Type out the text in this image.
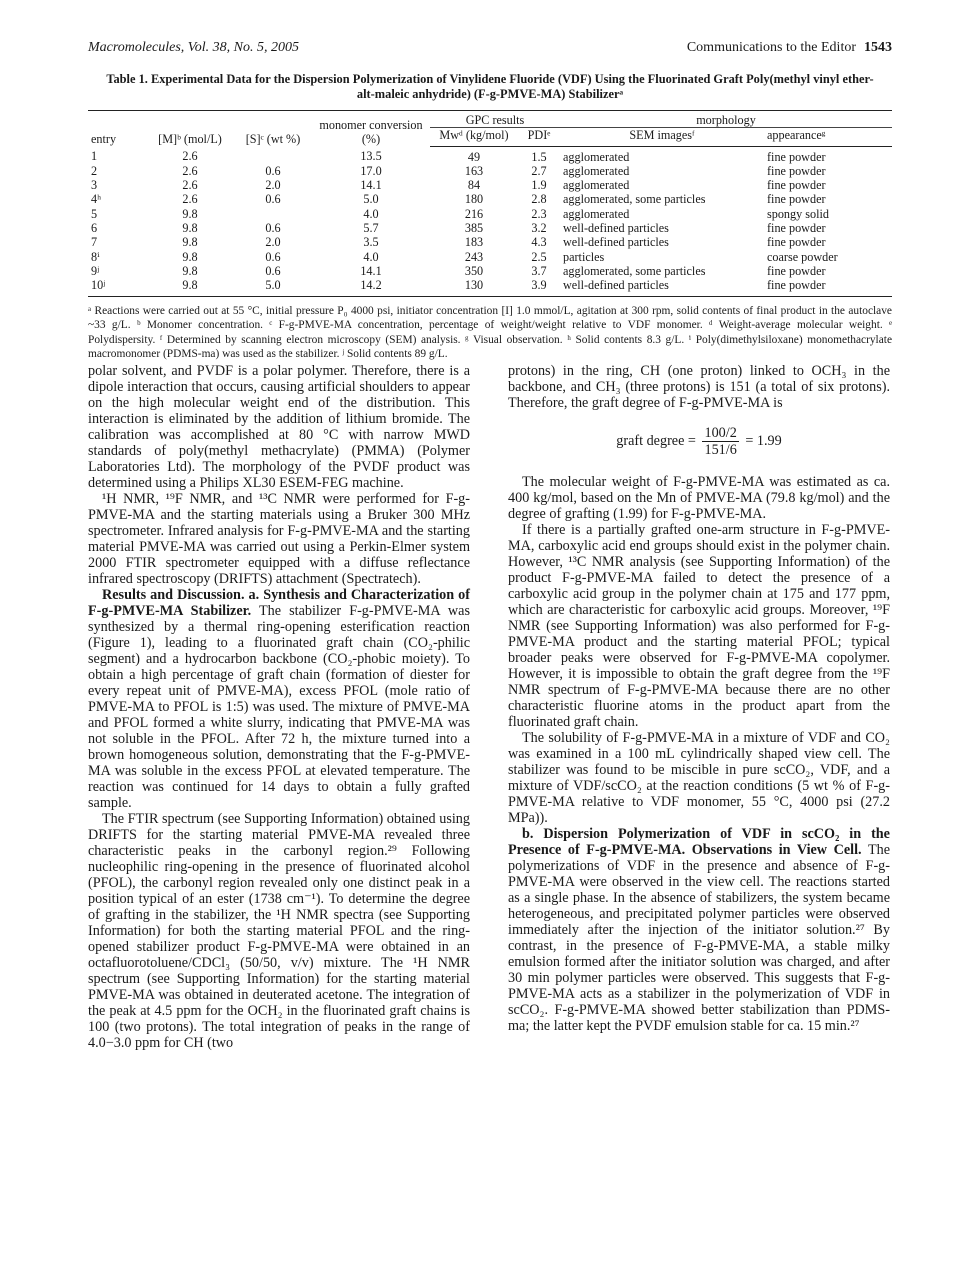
Macromolecules, Vol. 38, No. 5, 2005	Communications to the Editor 1543
Table 1. Experimental Data for the Dispersion Polymerization of Vinylidene Fluoride (VDF) Using the Fluorinated Graft Poly(methyl vinyl ether-alt-maleic anhydride) (F-g-PMVE-MA) Stabilizerᵃ
entry	[M]ᵇ (mol/L)	[S]ᶜ (wt %)	monomer conversion (%)	GPC results		morphology	
				Mwᵈ (kg/mol)	PDIᵉ	SEM imagesᶠ	appearanceᵍ
1	2.6		13.5	49	1.5	agglomerated	fine powder
2	2.6	0.6	17.0	163	2.7	agglomerated	fine powder
3	2.6	2.0	14.1	84	1.9	agglomerated	fine powder
4ʰ	2.6	0.6	5.0	180	2.8	agglomerated, some particles	fine powder
5	9.8		4.0	216	2.3	agglomerated	spongy solid
6	9.8	0.6	5.7	385	3.2	well-defined particles	fine powder
7	9.8	2.0	3.5	183	4.3	well-defined particles	fine powder
8ⁱ	9.8	0.6	4.0	243	2.5	particles	coarse powder
9ʲ	9.8	0.6	14.1	350	3.7	agglomerated, some particles	fine powder
10ʲ	9.8	5.0	14.2	130	3.9	well-defined particles	fine powder
ᵃ Reactions were carried out at 55 °C, initial pressure P₀ 4000 psi, initiator concentration [I] 1.0 mmol/L, agitation at 300 rpm, solid contents of final product in the autoclave ~33 g/L. ᵇ Monomer concentration. ᶜ F-g-PMVE-MA concentration, percentage of weight/weight relative to VDF monomer. ᵈ Weight-average molecular weight. ᵉ Polydispersity. ᶠ Determined by scanning electron microscopy (SEM) analysis. ᵍ Visual observation. ʰ Solid contents 8.3 g/L. ⁱ Poly(dimethylsiloxane) monomethacrylate macromonomer (PDMS-ma) was used as the stabilizer. ʲ Solid contents 89 g/L.

polar solvent, and PVDF is a polar polymer. Therefore, there is a dipole interaction that occurs, causing artificial shoulders to appear on the high molecular weight end of the distribution. This interaction is eliminated by the addition of lithium bromide. The calibration was accomplished at 80 °C with narrow MWD standards of poly(methyl methacrylate) (PMMA) (Polymer Laboratories Ltd). The morphology of the PVDF product was determined using a Philips XL30 ESEM-FEG machine.

¹H NMR, ¹⁹F NMR, and ¹³C NMR were performed for F-g-PMVE-MA and the starting materials using a Bruker 300 MHz spectrometer. Infrared analysis for F-g-PMVE-MA and the starting material PMVE-MA was carried out using a Perkin-Elmer system 2000 FTIR spectrometer equipped with a diffuse reflectance infrared spectroscopy (DRIFTS) attachment (Spectratech).

Results and Discussion. a. Synthesis and Characterization of F-g-PMVE-MA Stabilizer. The stabilizer F-g-PMVE-MA was synthesized by a thermal ring-opening esterification reaction (Figure 1), leading to a fluorinated graft chain (CO₂-philic segment) and a hydrocarbon backbone (CO₂-phobic moiety). To obtain a high percentage of graft chain (formation of diester for every repeat unit of PMVE-MA), excess PFOL (mole ratio of PMVE-MA to PFOL is 1:5) was used. The mixture of PMVE-MA and PFOL formed a white slurry, indicating that PMVE-MA was not soluble in the PFOL. After 72 h, the mixture turned into a brown homogeneous solution, demonstrating that the F-g-PMVE-MA was soluble in the excess PFOL at elevated temperature. The reaction was continued for 14 days to obtain a fully grafted sample.

The FTIR spectrum (see Supporting Information) obtained using DRIFTS for the starting material PMVE-MA revealed three characteristic peaks in the carbonyl region.²⁹ Following nucleophilic ring-opening in the presence of fluorinated alcohol (PFOL), the carbonyl region revealed only one distinct peak in a position typical of an ester (1738 cm⁻¹). To determine the degree of grafting in the stabilizer, the ¹H NMR spectra (see Supporting Information) for both the starting material PFOL and the ring-opened stabilizer product F-g-PMVE-MA were obtained in an octafluorotoluene/CDCl₃ (50/50, v/v) mixture. The ¹H NMR spectrum (see Supporting Information) for the starting material PMVE-MA was obtained in deuterated acetone. The integration of the peak at 4.5 ppm for the OCH₂ in the fluorinated graft chains is 100 (two protons). The total integration of peaks in the range of 4.0−3.0 ppm for CH (two

protons) in the ring, CH (one proton) linked to OCH₃ in the backbone, and CH₃ (three protons) is 151 (a total of six protons). Therefore, the graft degree of F-g-PMVE-MA is

graft degree = $\frac{100/2}{151/6} = 1.99$

The molecular weight of F-g-PMVE-MA was estimated as ca. 400 kg/mol, based on the Mn of PMVE-MA (79.8 kg/mol) and the degree of grafting (1.99) for F-g-PMVE-MA.

If there is a partially grafted one-arm structure in F-g-PMVE-MA, carboxylic acid end groups should exist in the polymer chain. However, ¹³C NMR analysis (see Supporting Information) of the product F-g-PMVE-MA failed to detect the presence of a carboxylic acid group in the polymer chain at 175 and 177 ppm, which are characteristic for carboxylic acid groups. Moreover, ¹⁹F NMR (see Supporting Information) was also performed for F-g-PMVE-MA product and the starting material PFOL; typical broader peaks were observed for F-g-PMVE-MA copolymer. However, it is impossible to obtain the graft degree from the ¹⁹F NMR spectrum of F-g-PMVE-MA because there are no other characteristic fluorine atoms in the product apart from the fluorinated graft chain.

The solubility of F-g-PMVE-MA in a mixture of VDF and CO₂ was examined in a 100 mL cylindrically shaped view cell. The stabilizer was found to be miscible in pure scCO₂, VDF, and a mixture of VDF/scCO₂ at the reaction conditions (5 wt % of F-g-PMVE-MA relative to VDF monomer, 55 °C, 4000 psi (27.2 MPa)).

b. Dispersion Polymerization of VDF in scCO₂ in the Presence of F-g-PMVE-MA. Observations in View Cell. The polymerizations of VDF in the presence and absence of F-g-PMVE-MA were observed in the view cell. The reactions started as a single phase. In the absence of stabilizers, the system became heterogeneous, and precipitated polymer particles were observed immediately after the injection of the initiator solution.²⁷ By contrast, in the presence of F-g-PMVE-MA, a stable milky emulsion formed after the initiator solution was charged, and after 30 min polymer particles were observed. This suggests that F-g-PMVE-MA acts as a stabilizer in the polymerization of VDF in scCO₂. F-g-PMVE-MA showed better stabilization than PDMS-ma; the latter kept the PVDF emulsion stable for ca. 15 min.²⁷
